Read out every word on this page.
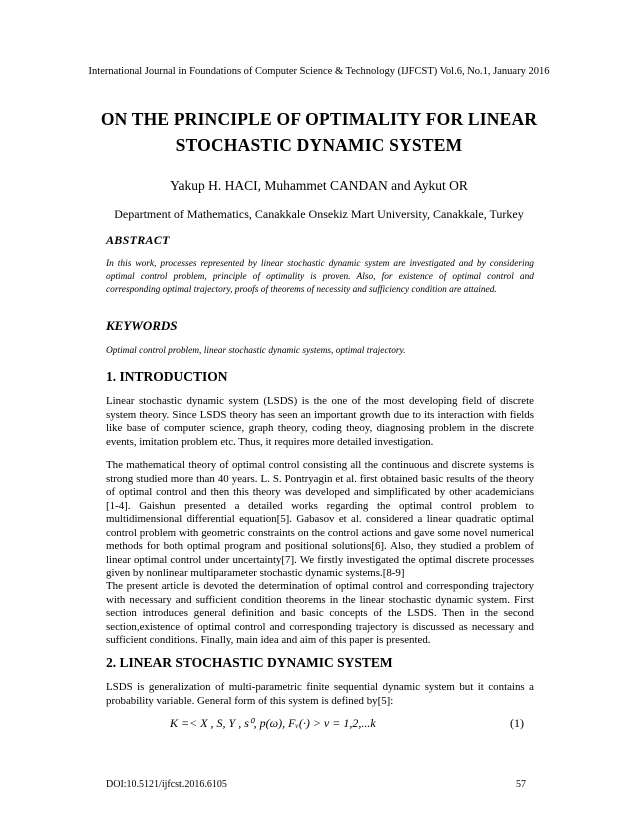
International Journal in Foundations of Computer Science & Technology (IJFCST) Vol.6, No.1, January 2016
ON THE PRINCIPLE OF OPTIMALITY FOR LINEAR
STOCHASTIC DYNAMIC SYSTEM
Yakup H. HACI, Muhammet CANDAN and Aykut OR
Department of Mathematics, Canakkale Onsekiz Mart University, Canakkale, Turkey
ABSTRACT
In this work, processes represented by linear stochastic dynamic system are investigated and by considering optimal control problem, principle of optimality is proven. Also, for existence of optimal control and corresponding optimal trajectory, proofs of theorems of necessity and sufficiency condition are attained.
KEYWORDS
Optimal control problem, linear stochastic dynamic systems, optimal trajectory.
1. INTRODUCTION
Linear stochastic dynamic system (LSDS) is the one of the most developing field of discrete system theory. Since LSDS theory has seen an important growth due to its interaction with fields like base of computer science, graph theory, coding theoy, diagnosing problem in the discrete events, imitation problem etc. Thus, it requires more detailed investigation.
The mathematical theory of optimal control consisting all the continuous and discrete systems is strong studied more than 40 years. L. S. Pontryagin et al. first obtained basic results of the theory of optimal control and then this theory was developed and simplificated by other academicians [1-4]. Gaishun presented a detailed works regarding the optimal control problem to multidimensional differential equation[5]. Gabasov et al. considered a linear quadratic optimal control problem with geometric constraints on the control actions and gave some novel numerical methods for both optimal program and positional solutions[6]. Also, they studied a problem of linear optimal control under uncertainty[7]. We firstly investigated the optimal discrete processes given by nonlinear multiparameter stochastic dynamic systems.[8-9]
The present article is devoted the determination of optimal control and corresponding trajectory with necessary and sufficient condition theorems in the linear stochastic dynamic system. First section introduces general definition and basic concepts of the LSDS. Then in the second section,existence of optimal control and corresponding trajectory is discussed as necessary and sufficient conditions. Finally, main idea and aim of this paper is presented.
2. LINEAR STOCHASTIC DYNAMIC SYSTEM
LSDS is generalization of multi-parametric finite sequential dynamic system but it contains a probability variable. General form of this system is defined by[5]:
K =< X , S, Y , s⁰, p(ω), Fᵥ(·) > v = 1,2,...k	(1)
DOI:10.5121/ijfcst.2016.6105	57
